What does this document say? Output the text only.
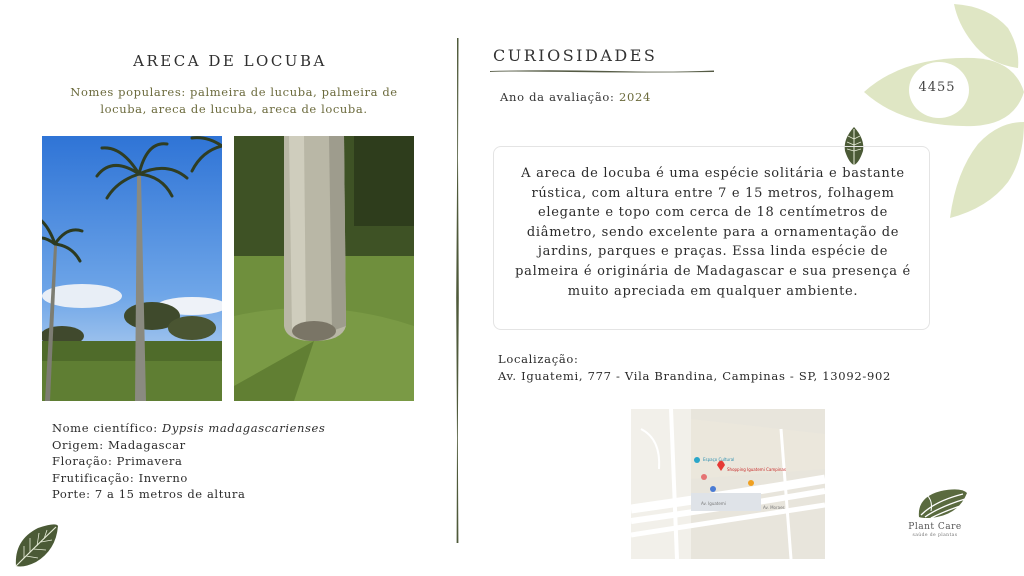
ARECA DE LOCUBA
Nomes populares: palmeira de lucuba, palmeira de locuba, areca de lucuba, areca de locuba.
Nome científico: Dypsis madagascarienses
Origem: Madagascar
Floração: Primavera
Frutificação: Inverno
Porte: 7 a 15 metros de altura
CURIOSIDADES
Ano da avaliação: 2024
4455
A areca de locuba é uma espécie solitária e bastante rústica, com altura entre 7 e 15 metros, folhagem elegante e topo com cerca de 18 centímetros de diâmetro, sendo excelente para a ornamentação de jardins, parques e praças. Essa linda espécie de palmeira é originária de Madagascar e sua presença é muito apreciada em qualquer ambiente.
Localização:
Av. Iguatemi, 777 - Vila Brandina, Campinas - SP, 13092-902
Espaço Cultural
Shopping Iguatemi Campinas
Av. Iguatemi
Av. Moraes
Plant Care
saúde de plantas
